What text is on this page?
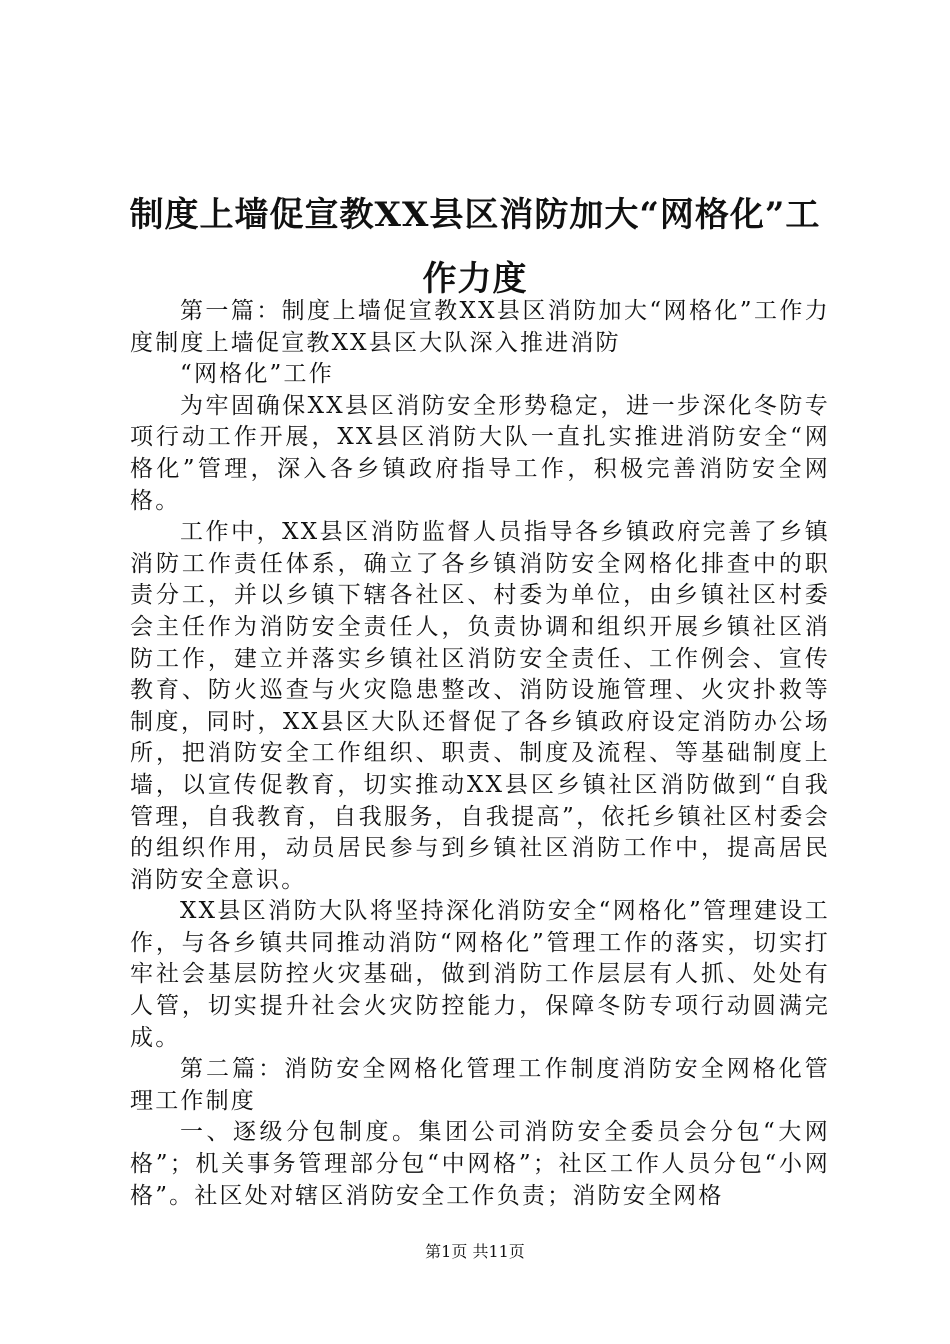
制度上墙促宣教XX县区消防加大“网格化”工作力度

第一篇：制度上墙促宣教XX县区消防加大“网格化”工作力度制度上墙促宣教XX县区大队深入推进消防

“网格化”工作

为牢固确保XX县区消防安全形势稳定，进一步深化冬防专项行动工作开展，XX县区消防大队一直扎实推进消防安全“网格化”管理，深入各乡镇政府指导工作，积极完善消防安全网格。

工作中，XX县区消防监督人员指导各乡镇政府完善了乡镇消防工作责任体系，确立了各乡镇消防安全网格化排查中的职责分工，并以乡镇下辖各社区、村委为单位，由乡镇社区村委会主任作为消防安全责任人，负责协调和组织开展乡镇社区消防工作，建立并落实乡镇社区消防安全责任、工作例会、宣传教育、防火巡查与火灾隐患整改、消防设施管理、火灾扑救等制度，同时，XX县区大队还督促了各乡镇政府设定消防办公场所，把消防安全工作组织、职责、制度及流程、等基础制度上墙，以宣传促教育，切实推动XX县区乡镇社区消防做到“自我管理，自我教育，自我服务，自我提高”，依托乡镇社区村委会的组织作用，动员居民参与到乡镇社区消防工作中，提高居民消防安全意识。

XX县区消防大队将坚持深化消防安全“网格化”管理建设工作，与各乡镇共同推动消防“网格化”管理工作的落实，切实打牢社会基层防控火灾基础，做到消防工作层层有人抓、处处有人管，切实提升社会火灾防控能力，保障冬防专项行动圆满完成。

第二篇：消防安全网格化管理工作制度消防安全网格化管理工作制度

一、逐级分包制度。集团公司消防安全委员会分包“大网格”；机关事务管理部分包“中网格”；社区工作人员分包“小网格”。社区处对辖区消防安全工作负责；消防安全网格

第1页 共11页
